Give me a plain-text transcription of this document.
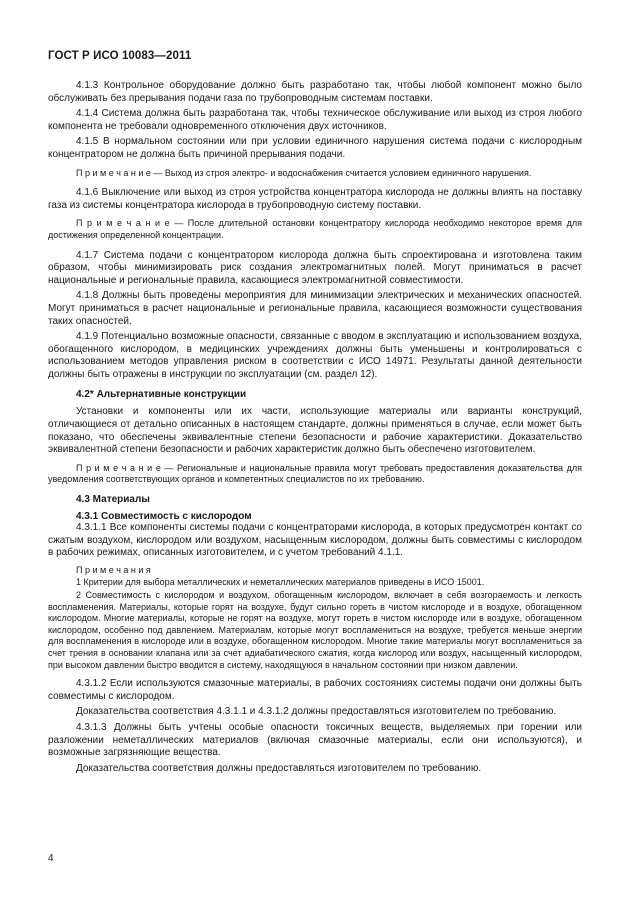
ГОСТ Р ИСО 10083—2011

4.1.3 Контрольное оборудование должно быть разработано так, чтобы любой компонент можно было обслуживать без прерывания подачи газа по трубопроводным системам поставки.

4.1.4 Система должна быть разработана так, чтобы техническое обслуживание или выход из строя любого компонента не требовали одновременного отключения двух источников.

4.1.5 В нормальном состоянии или при условии единичного нарушения система подачи с кислородным концентратором не должна быть причиной прерывания подачи.

П р и м е ч а н и е — Выход из строя электро- и водоснабжения считается условием единичного нарушения.

4.1.6 Выключение или выход из строя устройства концентратора кислорода не должны влиять на поставку газа из системы концентратора кислорода в трубопроводную систему поставки.

П р и м е ч а н и е — После длительной остановки концентратору кислорода необходимо некоторое время для достижения определенной концентрации.

4.1.7 Система подачи с концентратором кислорода должна быть спроектирована и изготовлена таким образом, чтобы минимизировать риск создания электромагнитных полей. Могут приниматься в расчет национальные и региональные правила, касающиеся электромагнитной совместимости.

4.1.8 Должны быть проведены мероприятия для минимизации электрических и механических опасностей. Могут приниматься в расчет национальные и региональные правила, касающиеся возможности существования таких опасностей.

4.1.9 Потенциально возможные опасности, связанные с вводом в эксплуатацию и использованием воздуха, обогащенного кислородом, в медицинских учреждениях должны быть уменьшены и контролироваться с использованием методов управления риском в соответствии с ИСО 14971. Результаты данной деятельности должны быть отражены в инструкции по эксплуатации (см. раздел 12).

4.2* Альтернативные конструкции

Установки и компоненты или их части, использующие материалы или варианты конструкций, отличающиеся от детально описанных в настоящем стандарте, должны применяться в случае, если может быть показано, что обеспечены эквивалентные степени безопасности и рабочие характеристики. Доказательство эквивалентной степени безопасности и рабочих характеристик должно быть обеспечено изготовителем.

П р и м е ч а н и е — Региональные и национальные правила могут требовать предоставления доказательства для уведомления соответствующих органов и компетентных специалистов по их требованию.

4.3 Материалы
4.3.1 Совместимость с кислородом

4.3.1.1 Все компоненты системы подачи с концентраторами кислорода, в которых предусмотрен контакт со сжатым воздухом, кислородом или воздухом, насыщенным кислородом, должны быть совместимы с кислородом в рабочих режимах, описанных изготовителем, и с учетом требований 4.1.1.

П р и м е ч а н и я

1 Критерии для выбора металлических и неметаллических материалов приведены в ИСО 15001.

2 Совместимость с кислородом и воздухом, обогащенным кислородом, включает в себя возгораемость и легкость воспламенения. Материалы, которые горят на воздухе, будут сильно гореть в чистом кислороде и в воздухе, обогащенном кислородом. Многие материалы, которые не горят на воздухе, могут гореть в чистом кислороде или в воздухе, обогащенном кислородом, особенно под давлением. Материалам, которые могут воспламениться на воздухе, требуется меньше энергии для воспламенения в кислороде или в воздухе, обогащенном кислородом. Многие такие материалы могут воспламениться за счет трения в основании клапана или за счет адиабатического сжатия, когда кислород или воздух, насыщенный кислородом, при высоком давлении быстро вводится в систему, находящуюся в начальном состоянии при низком давлении.

4.3.1.2 Если используются смазочные материалы, в рабочих состояниях системы подачи они должны быть совместимы с кислородом.

Доказательства соответствия 4.3.1.1 и 4.3.1.2 должны предоставляться изготовителем по требованию.

4.3.1.3 Должны быть учтены особые опасности токсичных веществ, выделяемых при горении или разложении неметаллических материалов (включая смазочные материалы, если они используются), и возможные загрязняющие вещества.

Доказательства соответствия должны предоставляться изготовителем по требованию.

4
